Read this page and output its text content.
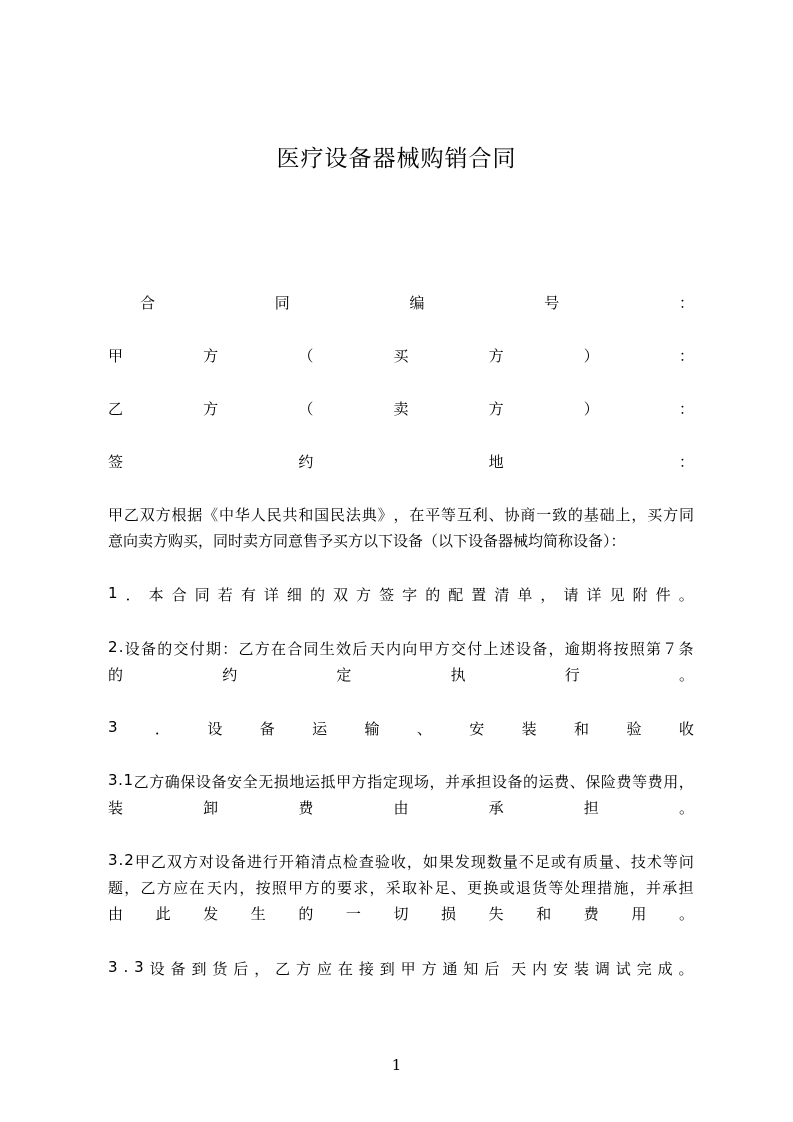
医疗设备器械购销合同
合	同	编	号	：
甲	方	（	买	方	）	：
乙	方	（	卖	方	）	：
签	约	地	：
甲 乙 双 方 根 据 《 中 华 人 民 共 和 国 民 法 典 》 ， 在 平 等 互 利 、 协 商 一 致 的 基 础 上 ， 买 方 同
意向卖方购买，同时卖方同意售予买方以下设备（以下设备器械均简称设备）：
1 ． 本 合 同 若 有 详 细 的 双 方 签 字 的 配 置 清 单 ， 请 详 见 附 件 。
2 . 设 备 的 交 付 期 ： 乙 方 在 合 同 生 效 后 天 内 向 甲 方 交 付 上 述 设 备 ， 逾 期 将 按 照 第 ７ 条
的	约	定	执	行	。
3 ． 设 备 运 输 、 安 装 和 验 收
3 . 1 乙 方 确 保 设 备 安 全 无 损 地 运 抵 甲 方 指 定 现 场 ， 并 承 担 设 备 的 运 费 、 保 险 费 等 费 用 ，
装	卸	费	由	承	担	。
3 . 2 甲 乙 双 方 对 设 备 进 行 开 箱 清 点 检 查 验 收 ， 如 果 发 现 数 量 不 足 或 有 质 量 、 技 术 等 问
题 ， 乙 方 应 在 天 内 ， 按 照 甲 方 的 要 求 ， 采 取 补 足 、 更 换 或 退 货 等 处 理 措 施 ， 并 承 担
由 此 发 生 的 一 切 损 失 和 费 用 。
3 . 3 设 备 到 货 后 ， 乙 方 应 在 接 到 甲 方 通 知 后 天 内 安 装 调 试 完 成 。
1
